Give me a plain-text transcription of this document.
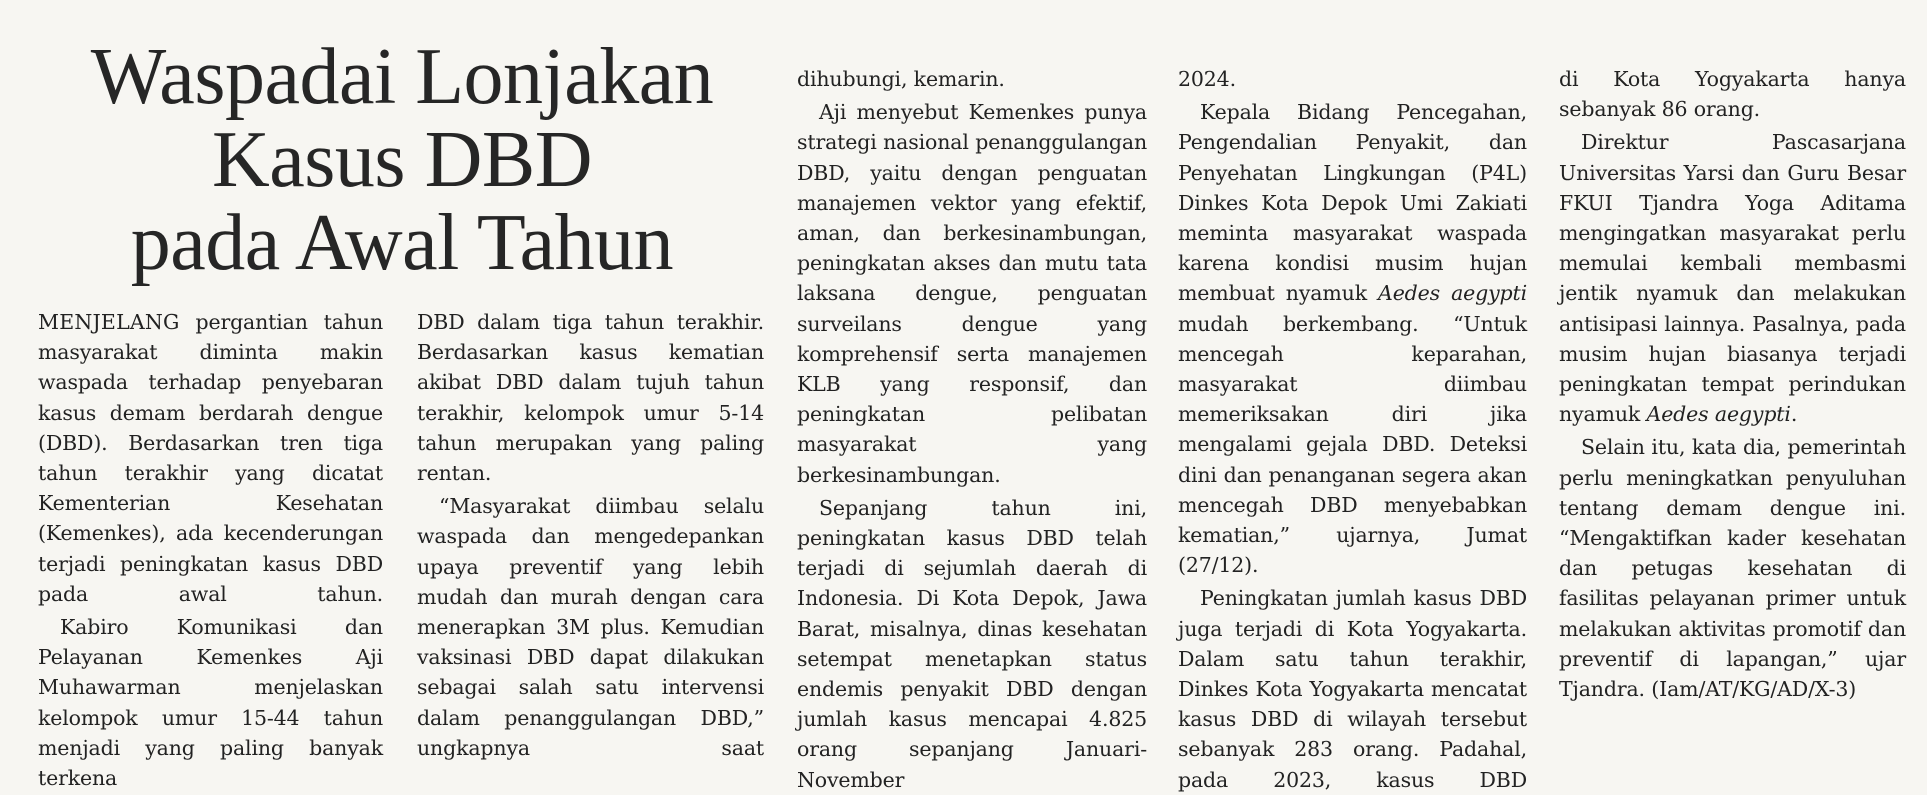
Waspadai Lonjakan
Kasus DBD
pada Awal Tahun

MENJELANG pergantian tahun masyarakat diminta makin waspada terhadap penyebaran kasus demam berdarah dengue (DBD). Berdasarkan tren tiga tahun terakhir yang dicatat Kementerian Kesehatan (Kemenkes), ada kecenderungan terjadi peningkatan kasus DBD pada awal tahun.

Kabiro Komunikasi dan Pelayanan Kemenkes Aji Muhawarman menjelaskan kelompok umur 15-44 tahun menjadi yang paling banyak terkena

DBD dalam tiga tahun terakhir. Berdasarkan kasus kematian akibat DBD dalam tujuh tahun terakhir, kelompok umur 5-14 tahun merupakan yang paling rentan.

“Masyarakat diimbau selalu waspada dan mengedepankan upaya preventif yang lebih mudah dan murah dengan cara menerapkan 3M plus. Kemudian vaksinasi DBD dapat dilakukan sebagai salah satu intervensi dalam penanggulangan DBD,” ungkapnya saat

dihubungi, kemarin.

Aji menyebut Kemenkes punya strategi nasional penanggulangan DBD, yaitu dengan penguatan manajemen vektor yang efektif, aman, dan berkesinambungan, peningkatan akses dan mutu tata laksana dengue, penguatan surveilans dengue yang komprehensif serta manajemen KLB yang responsif, dan peningkatan pelibatan masyarakat yang berkesinambungan.

Sepanjang tahun ini, peningkatan kasus DBD telah terjadi di sejumlah daerah di Indonesia. Di Kota Depok, Jawa Barat, misalnya, dinas kesehatan setempat menetapkan status endemis penyakit DBD dengan jumlah kasus mencapai 4.825 orang sepanjang Januari-November

2024.

Kepala Bidang Pencegahan, Pengendalian Penyakit, dan Penyehatan Lingkungan (P4L) Dinkes Kota Depok Umi Zakiati meminta masyarakat waspada karena kondisi musim hujan membuat nyamuk Aedes aegypti mudah berkembang. “Untuk mencegah keparahan, masyarakat diimbau memeriksakan diri jika mengalami gejala DBD. Deteksi dini dan penanganan segera akan mencegah DBD menyebabkan kematian,” ujarnya, Jumat (27/12).

Peningkatan jumlah kasus DBD juga terjadi di Kota Yogyakarta. Dalam satu tahun terakhir, Dinkes Kota Yogyakarta mencatat kasus DBD di wilayah tersebut sebanyak 283 orang. Padahal, pada 2023, kasus DBD

di Kota Yogyakarta hanya sebanyak 86 orang.

Direktur Pascasarjana Universitas Yarsi dan Guru Besar FKUI Tjandra Yoga Aditama mengingatkan masyarakat perlu memulai kembali membasmi jentik nyamuk dan melakukan antisipasi lainnya. Pasalnya, pada musim hujan biasanya terjadi peningkatan tempat perindukan nyamuk Aedes aegypti.

Selain itu, kata dia, pemerintah perlu meningkatkan penyuluhan tentang demam dengue ini. “Mengaktifkan kader kesehatan dan petugas kesehatan di fasilitas pelayanan primer untuk melakukan aktivitas promotif dan preventif di lapangan,” ujar Tjandra. (Iam/AT/KG/AD/X-3)
